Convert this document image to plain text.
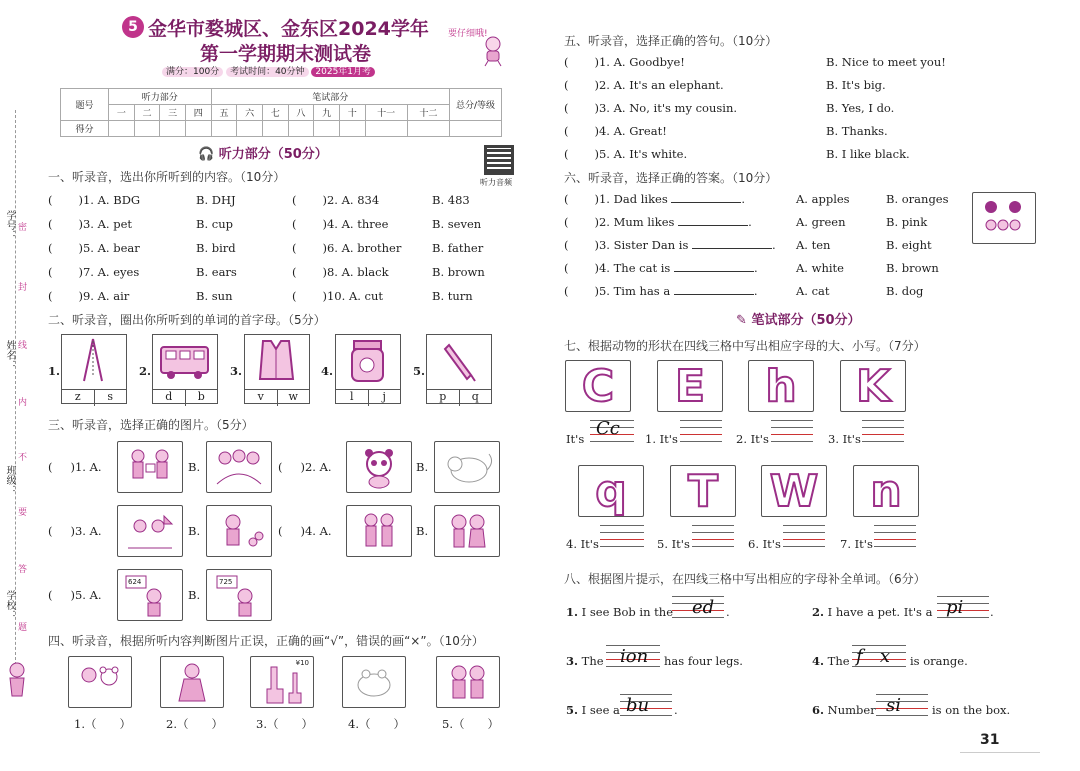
学号：
姓名：
班级：
学校：
密
封
线
内
不
要
答
题
5 金华市婺城区、金东区2024学年
第一学期期末测试卷
满分：100分 考试时间：40分钟 2025年1月考
要仔细哦!
题号	听力部分				笔试部分								总分/等级
	一	二	三	四	五	六	七	八	九	十	十一	十二	
得分													
🎧 听力部分（50分）
听力音频
一、听录音，选出你所听到的内容。（10分）
( )1. A. BDG	B. DHJ	( )2. A. 834	B. 483
( )3. A. pet	B. cup	( )4. A. three	B. seven
( )5. A. bear	B. bird	( )6. A. brother	B. father
( )7. A. eyes	B. ears	( )8. A. black	B. brown
( )9. A. air	B. sun	( )10. A. cut	B. turn
二、听录音，圈出你所听到的单词的首字母。（5分）
1.
z	s
2.
d	b
3.
v	w
4.
l	j
5.
p	q
三、听录音，选择正确的图片。（5分）
( )1. A.	B.	( )2. A.	B.
( )3. A.	B.	( )4. A.	B.
( )5. A.
624
B.
725
四、听录音，根据所听内容判断图片正误，正确的画“√”，错误的画“×”。（10分）
1.（　　）	2.（　　）
¥10
3.（　　）	4.（　　）	5.（　　）
五、听录音，选择正确的答句。（10分）
( )1. A. Goodbye!	B. Nice to meet you!
( )2. A. It's an elephant.	B. It's big.
( )3. A. No, it's my cousin.	B. Yes, I do.
( )4. A. Great!	B. Thanks.
( )5. A. It's white.	B. I like black.
六、听录音，选择正确的答案。（10分）
( )1. Dad likes	.	A. apples	B. oranges
( )2. Mum likes	.	A. green	B. pink
( )3. Sister Dan is	. A. ten	B. eight
( )4. The cat is	.	A. white	B. brown
( )5. Tim has a	.	A. cat	B. dog
✎ 笔试部分（50分）
七、根据动物的形状在四线三格中写出相应字母的大、小写。（7分）
C E h K
It's Cc 1. It's	2. It's	3. It's
q T W n
4. It's	5. It's	6. It's	7. It's
八、根据图片提示，在四线三格中写出相应的字母补全单词。（6分）
1. I see Bob in the ed .	2. I have a pet. It's a pi .
3. The ion has four legs.	4. The f   x is orange.
5. I see a bu .	6. Number si	is on the box.
31
